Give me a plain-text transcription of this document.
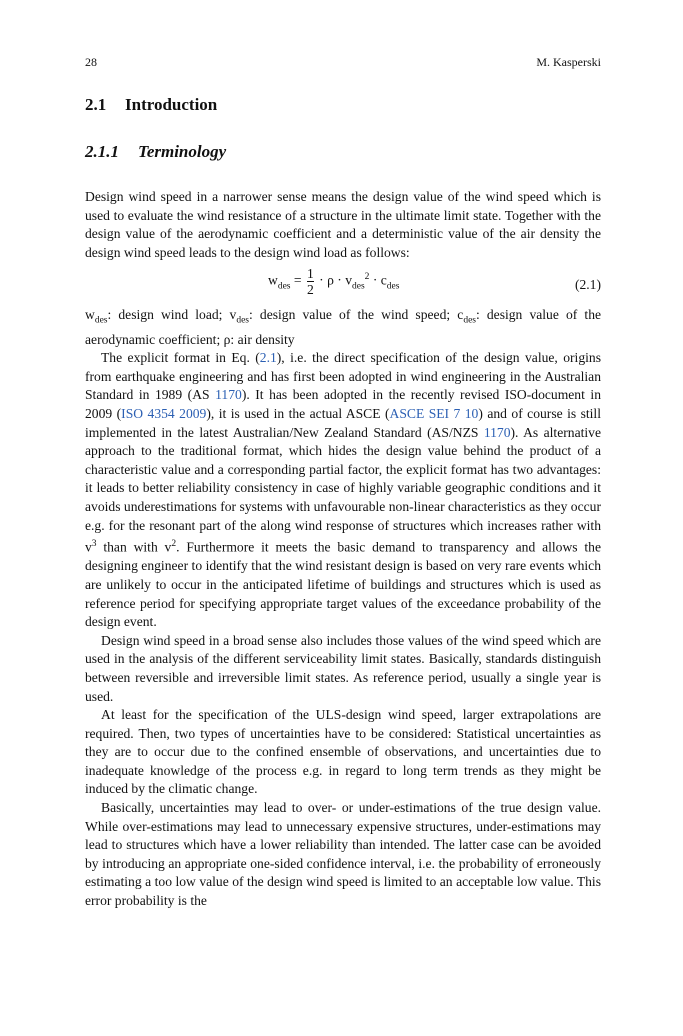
28	M. Kasperski
2.1 Introduction
2.1.1 Terminology

Design wind speed in a narrower sense means the design value of the wind speed which is used to evaluate the wind resistance of a structure in the ultimate limit state. Together with the design value of the aerodynamic coefficient and a deterministic value of the air density the design wind speed leads to the design wind load as follows:

$w_{des} = \frac{1}{2} \cdot \rho \cdot v_{des}^2 \cdot c_{des}$	(2.1)

$w_{des}$: design wind load; $v_{des}$: design value of the wind speed; $c_{des}$: design value of the aerodynamic coefficient; ρ: air density

The explicit format in Eq. (2.1), i.e. the direct specification of the design value, origins from earthquake engineering and has first been adopted in wind engineering in the Australian Standard in 1989 (AS 1170). It has been adopted in the recently revised ISO-document in 2009 (ISO 4354 2009), it is used in the actual ASCE (ASCE SEI 7 10) and of course is still implemented in the latest Australian/New Zealand Standard (AS/NZS 1170). As alternative approach to the traditional format, which hides the design value behind the product of a characteristic value and a corresponding partial factor, the explicit format has two advantages: it leads to better reliability consistency in case of highly variable geographic conditions and it avoids underestimations for systems with unfavourable non-linear characteristics as they occur e.g. for the resonant part of the along wind response of structures which increases rather with $v^3$ than with $v^2$. Furthermore it meets the basic demand to transparency and allows the designing engineer to identify that the wind resistant design is based on very rare events which are unlikely to occur in the anticipated lifetime of buildings and structures which is used as reference period for specifying appropriate target values of the exceedance probability of the design event.

Design wind speed in a broad sense also includes those values of the wind speed which are used in the analysis of the different serviceability limit states. Basically, standards distinguish between reversible and irreversible limit states. As reference period, usually a single year is used.

At least for the specification of the ULS-design wind speed, larger extrapolations are required. Then, two types of uncertainties have to be considered: Statistical uncertainties as they are to occur due to the confined ensemble of observations, and uncertainties due to inadequate knowledge of the process e.g. in regard to long term trends as they might be induced by the climatic change.

Basically, uncertainties may lead to over- or under-estimations of the true design value. While over-estimations may lead to unnecessary expensive structures, under-estimations may lead to structures which have a lower reliability than intended. The latter case can be avoided by introducing an appropriate one-sided confidence interval, i.e. the probability of erroneously estimating a too low value of the design wind speed is limited to an acceptable low value. This error probability is the
